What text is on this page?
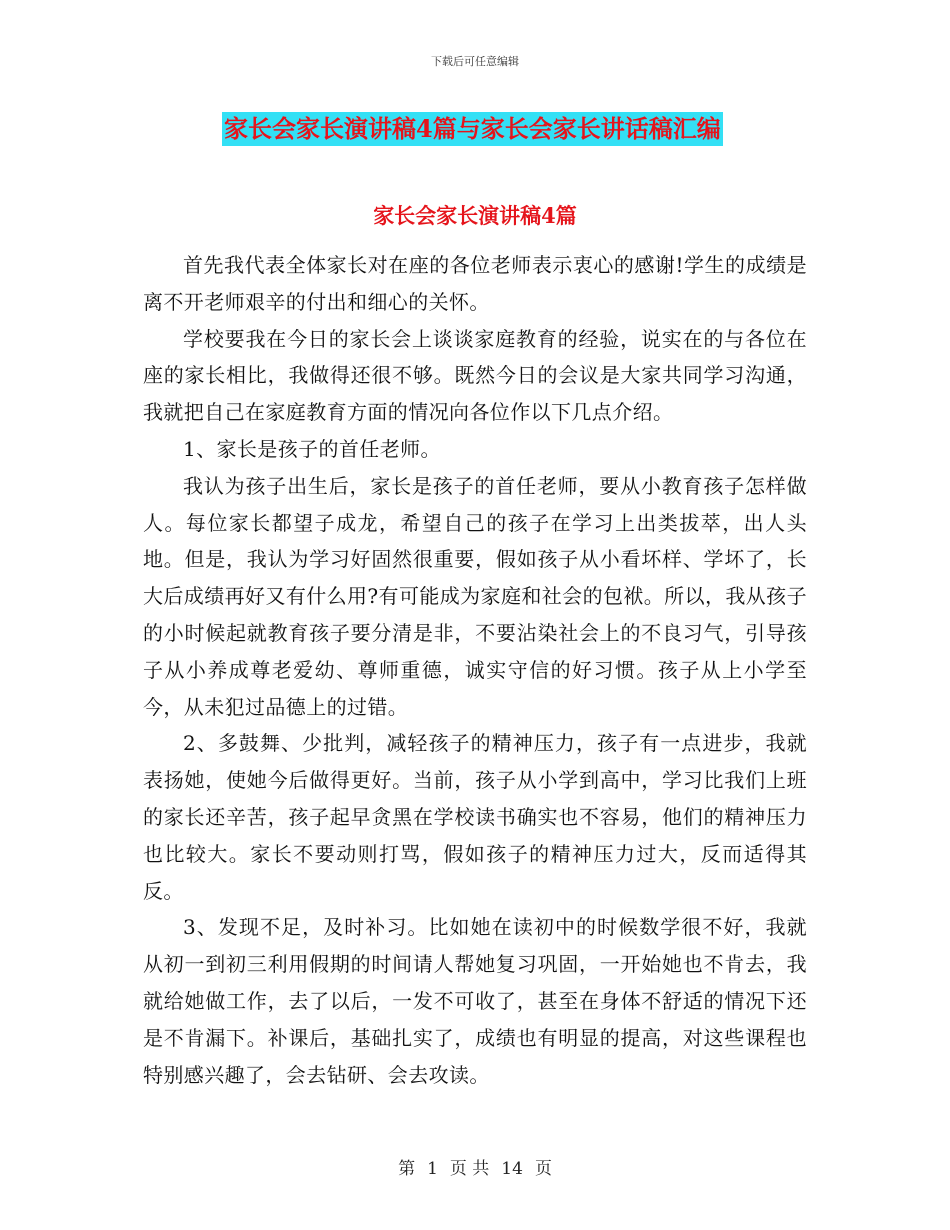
下载后可任意编辑
家长会家长演讲稿4篇与家长会家长讲话稿汇编
家长会家长演讲稿4篇

首先我代表全体家长对在座的各位老师表示衷心的感谢!学生的成绩是离不开老师艰辛的付出和细心的关怀。

学校要我在今日的家长会上谈谈家庭教育的经验，说实在的与各位在座的家长相比，我做得还很不够。既然今日的会议是大家共同学习沟通，我就把自己在家庭教育方面的情况向各位作以下几点介绍。

1、家长是孩子的首任老师。

我认为孩子出生后，家长是孩子的首任老师，要从小教育孩子怎样做人。每位家长都望子成龙，希望自己的孩子在学习上出类拔萃，出人头地。但是，我认为学习好固然很重要，假如孩子从小看坏样、学坏了，长大后成绩再好又有什么用?有可能成为家庭和社会的包袱。所以，我从孩子的小时候起就教育孩子要分清是非，不要沾染社会上的不良习气，引导孩子从小养成尊老爱幼、尊师重德，诚实守信的好习惯。孩子从上小学至今，从未犯过品德上的过错。

2、多鼓舞、少批判，减轻孩子的精神压力，孩子有一点进步，我就表扬她，使她今后做得更好。当前，孩子从小学到高中，学习比我们上班的家长还辛苦，孩子起早贪黑在学校读书确实也不容易，他们的精神压力也比较大。家长不要动则打骂，假如孩子的精神压力过大，反而适得其反。

3、发现不足，及时补习。比如她在读初中的时候数学很不好，我就从初一到初三利用假期的时间请人帮她复习巩固，一开始她也不肯去，我就给她做工作，去了以后，一发不可收了，甚至在身体不舒适的情况下还是不肯漏下。补课后，基础扎实了，成绩也有明显的提高，对这些课程也特别感兴趣了，会去钻研、会去攻读。

第 1 页 共 14 页
